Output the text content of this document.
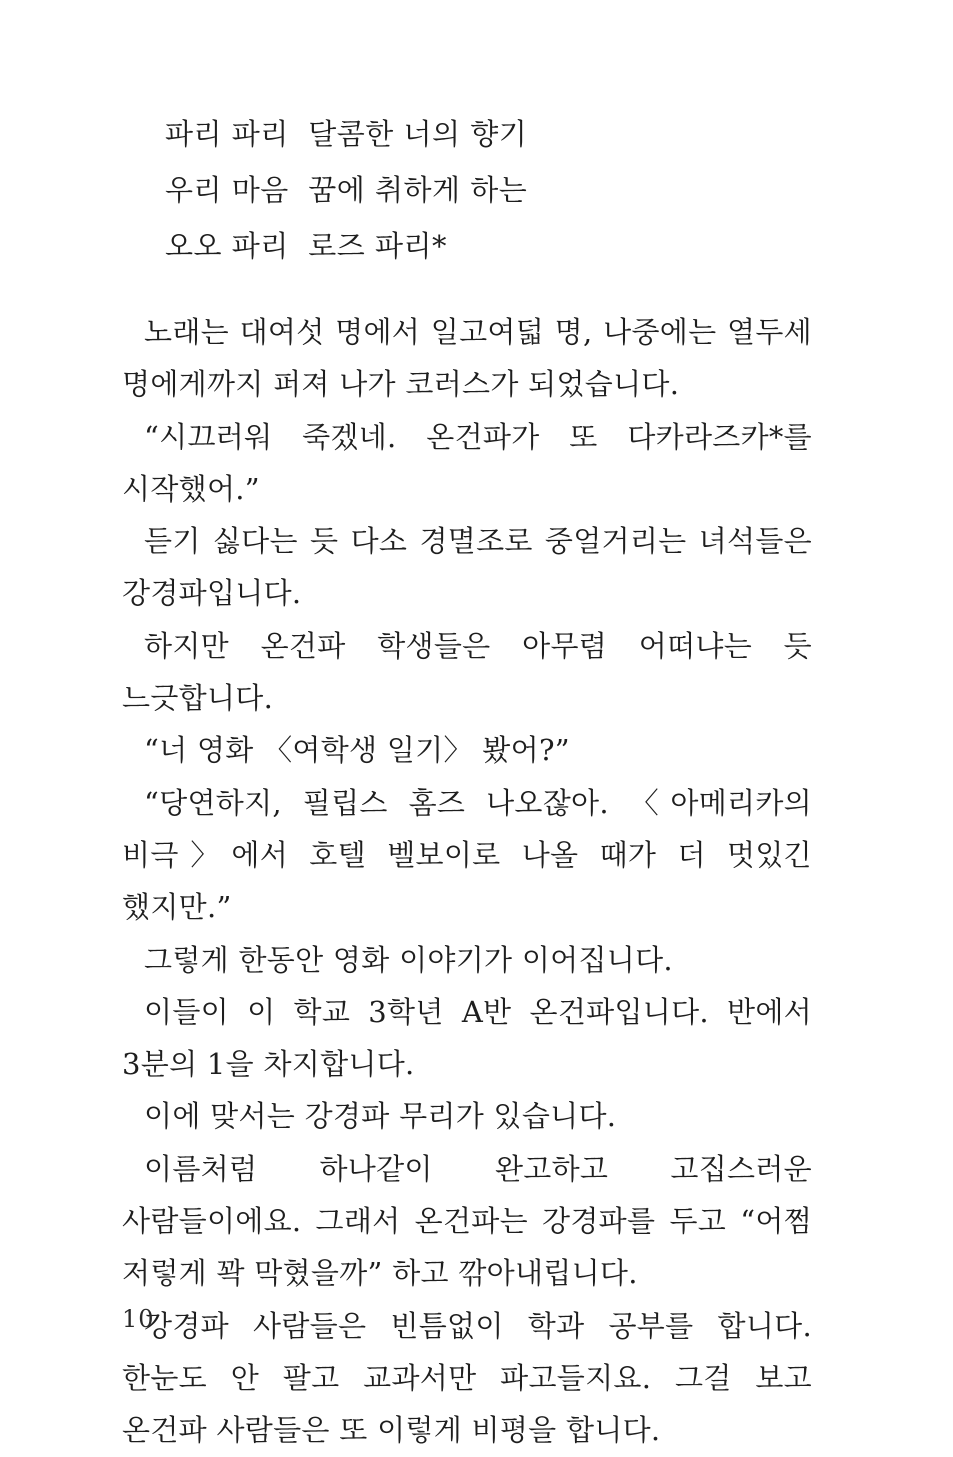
파리 파리  달콤한 너의 향기
우리 마음  꿈에 취하게 하는
오오 파리  로즈 파리*

노래는 대여섯 명에서 일고여덟 명, 나중에는 열두세 명에게까지 퍼져 나가 코러스가 되었습니다.

“시끄러워 죽겠네. 온건파가 또 다카라즈카*를 시작했어.”

듣기 싫다는 듯 다소 경멸조로 중얼거리는 녀석들은 강경파입니다.

하지만 온건파 학생들은 아무렴 어떠냐는 듯 느긋합니다.

“너 영화 〈여학생 일기〉 봤어?”

“당연하지, 필립스 홈즈 나오잖아. 〈아메리카의 비극〉에서 호텔 벨보이로 나올 때가 더 멋있긴 했지만.”

그렇게 한동안 영화 이야기가 이어집니다.

이들이 이 학교 3학년 A반 온건파입니다. 반에서 3분의 1을 차지합니다.

이에 맞서는 강경파 무리가 있습니다.

이름처럼 하나같이 완고하고 고집스러운 사람들이에요. 그래서 온건파는 강경파를 두고 “어쩜 저렇게 꽉 막혔을까” 하고 깎아내립니다.

강경파 사람들은 빈틈없이 학과 공부를 합니다. 한눈도 안 팔고 교과서만 파고들지요. 그걸 보고 온건파 사람들은 또 이렇게 비평을 합니다.

10
